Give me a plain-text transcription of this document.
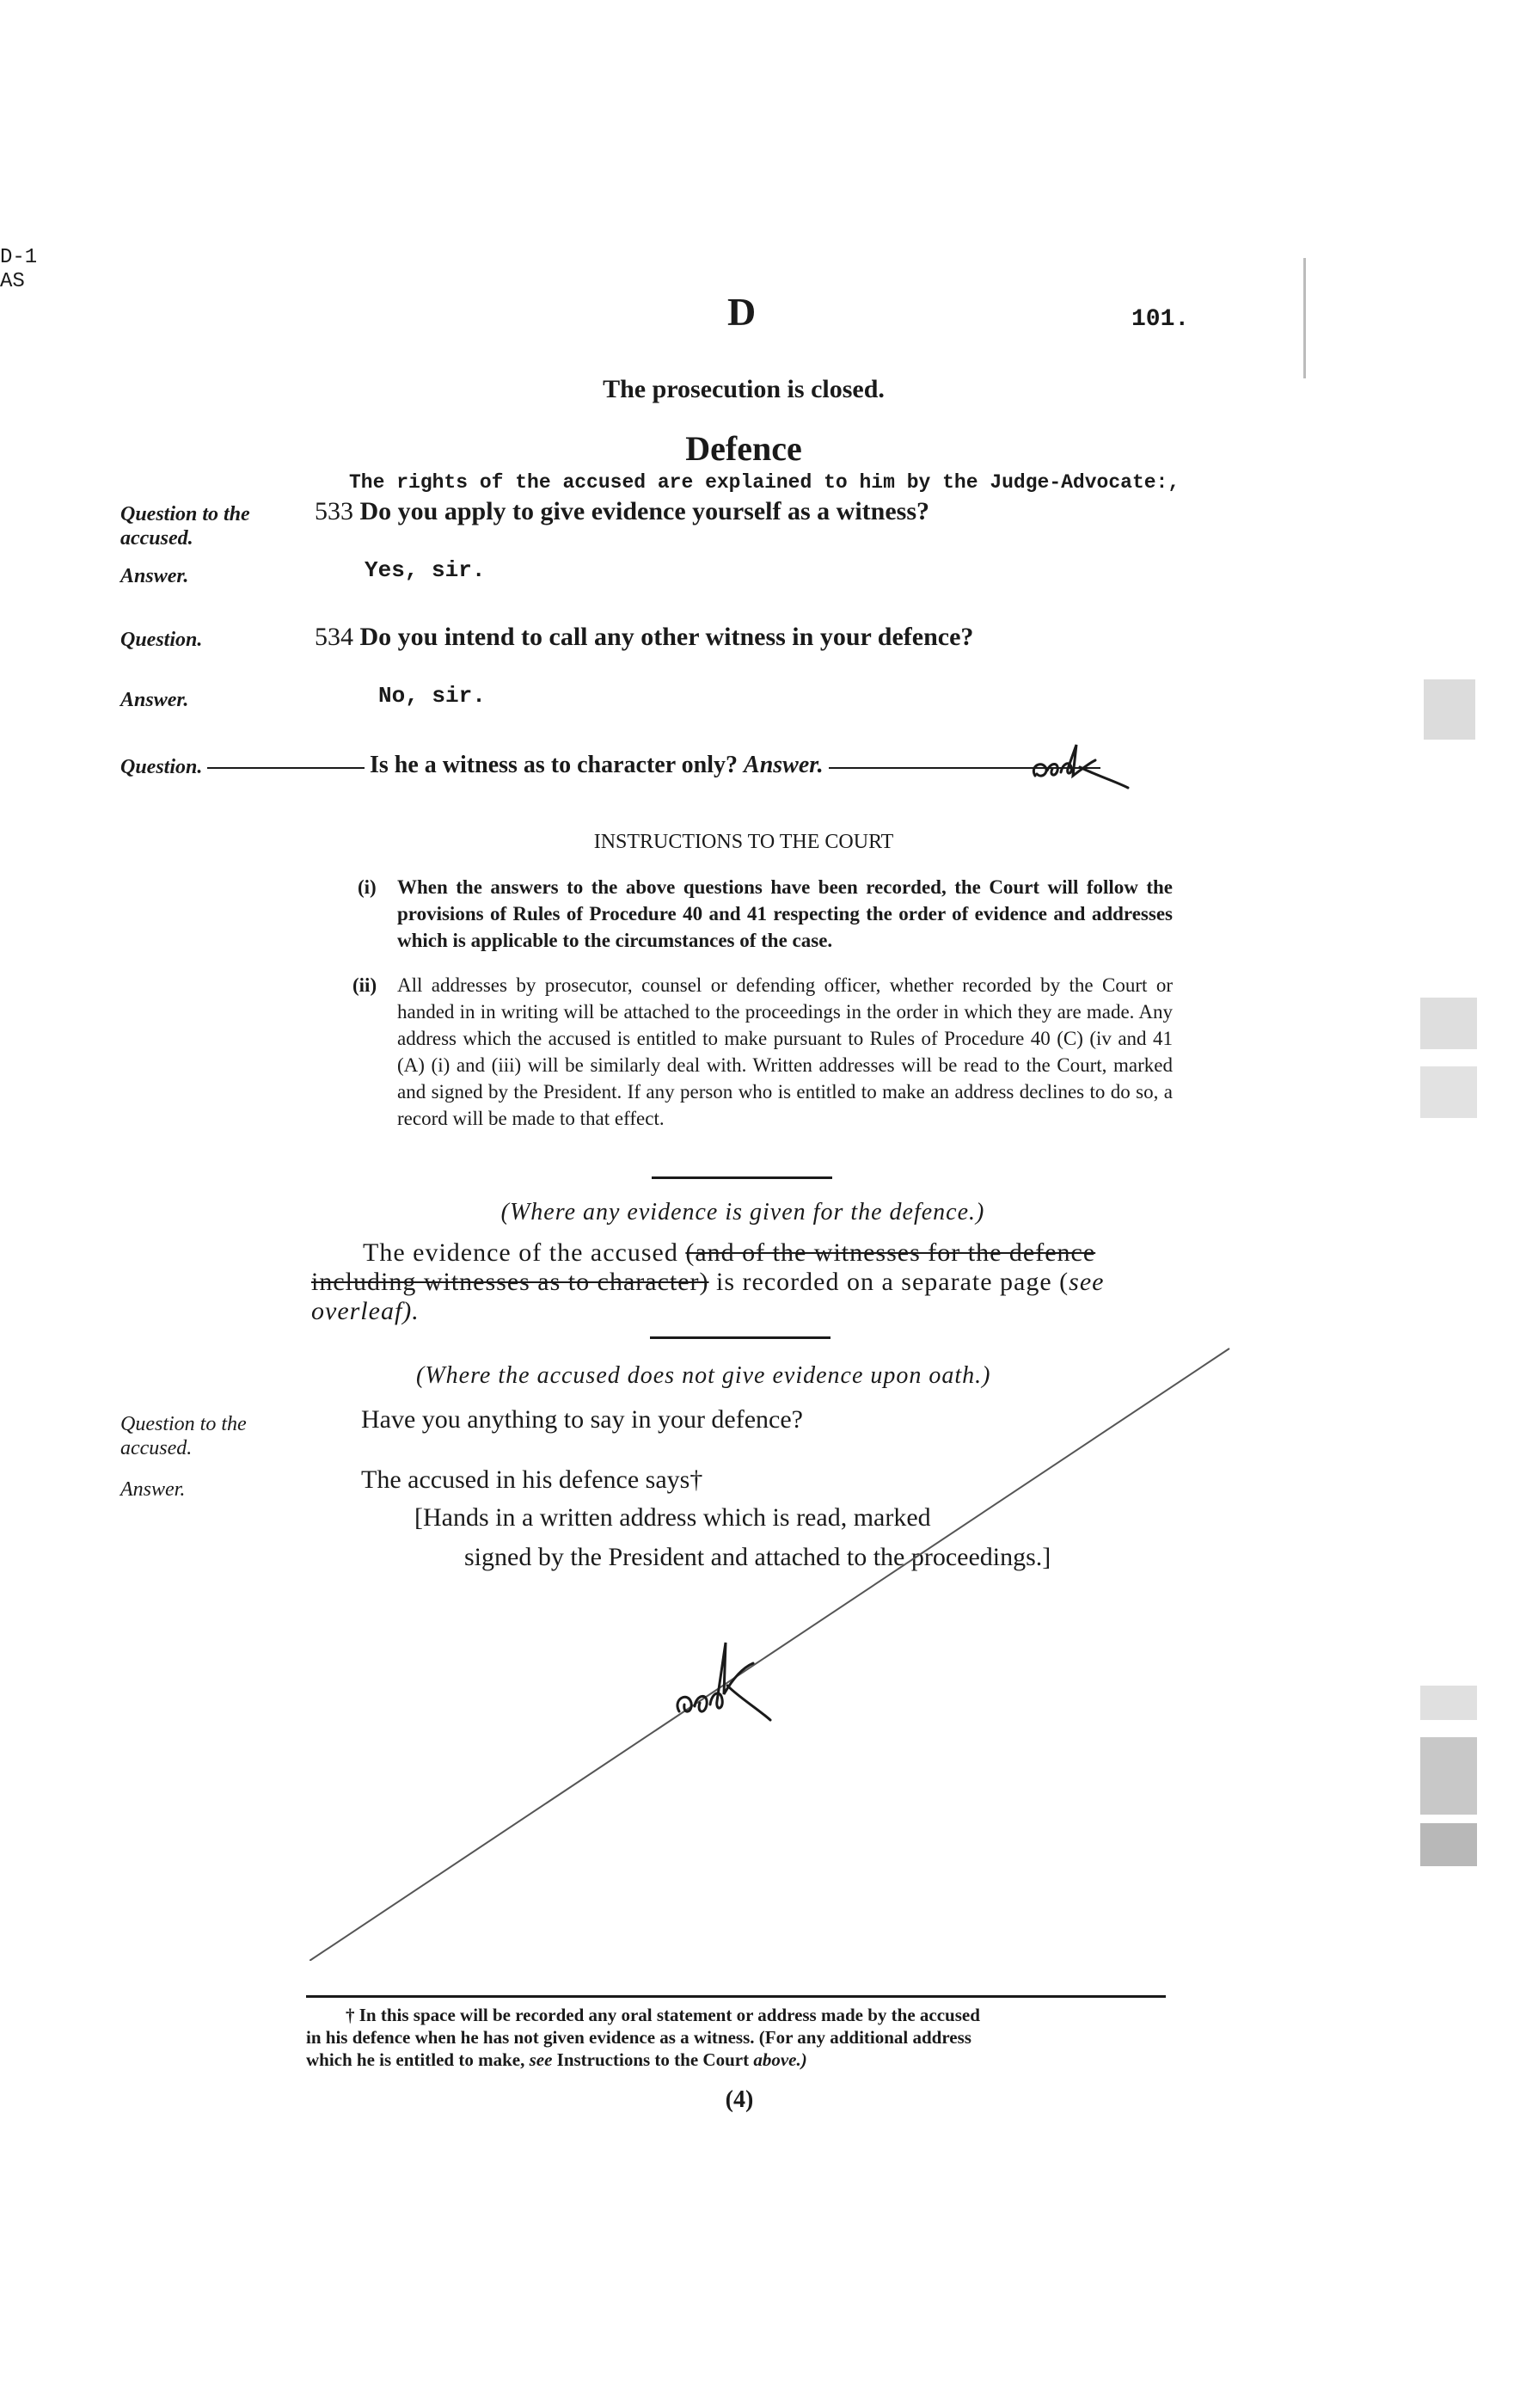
D-1
AS
D	101.
The prosecution is closed.
Defence
The rights of the accused are explained to him by the Judge-Advocate:,
Question to the accused.
533 Do you apply to give evidence yourself as a witness?
Answer.	Yes, sir.
Question.	534 Do you intend to call any other witness in your defence?
Answer.	No, sir.
Question.	Is he a witness as to character only? Answer.
INSTRUCTIONS TO THE COURT
(i) When the answers to the above questions have been recorded, the Court will follow the provisions of Rules of Procedure 40 and 41 respecting the order of evidence and addresses which is applicable to the circumstances of the case.
(ii) All addresses by prosecutor, counsel or defending officer, whether recorded by the Court or handed in in writing will be attached to the proceedings in the order in which they are made. Any address which the accused is entitled to make pursuant to Rules of Procedure 40 (C) (iv and 41 (A) (i) and (iii) will be similarly deal with. Written addresses will be read to the Court, marked and signed by the President. If any person who is entitled to make an address declines to do so, a record will be made to that effect.
(Where any evidence is given for the defence.)
The evidence of the accused (and of the witnesses for the defence
including witnesses as to character) is recorded on a separate page (see
overleaf).
(Where the accused does not give evidence upon oath.)
Question to the accused.
Have you anything to say in your defence?
Answer.	The accused in his defence says†
[Hands in a written address which is read, marked
signed by the President and attached to the proceedings.]
† In this space will be recorded any oral statement or address made by the accused
in his defence when he has not given evidence as a witness. (For any additional address
which he is entitled to make, see Instructions to the Court above.)
(4)
